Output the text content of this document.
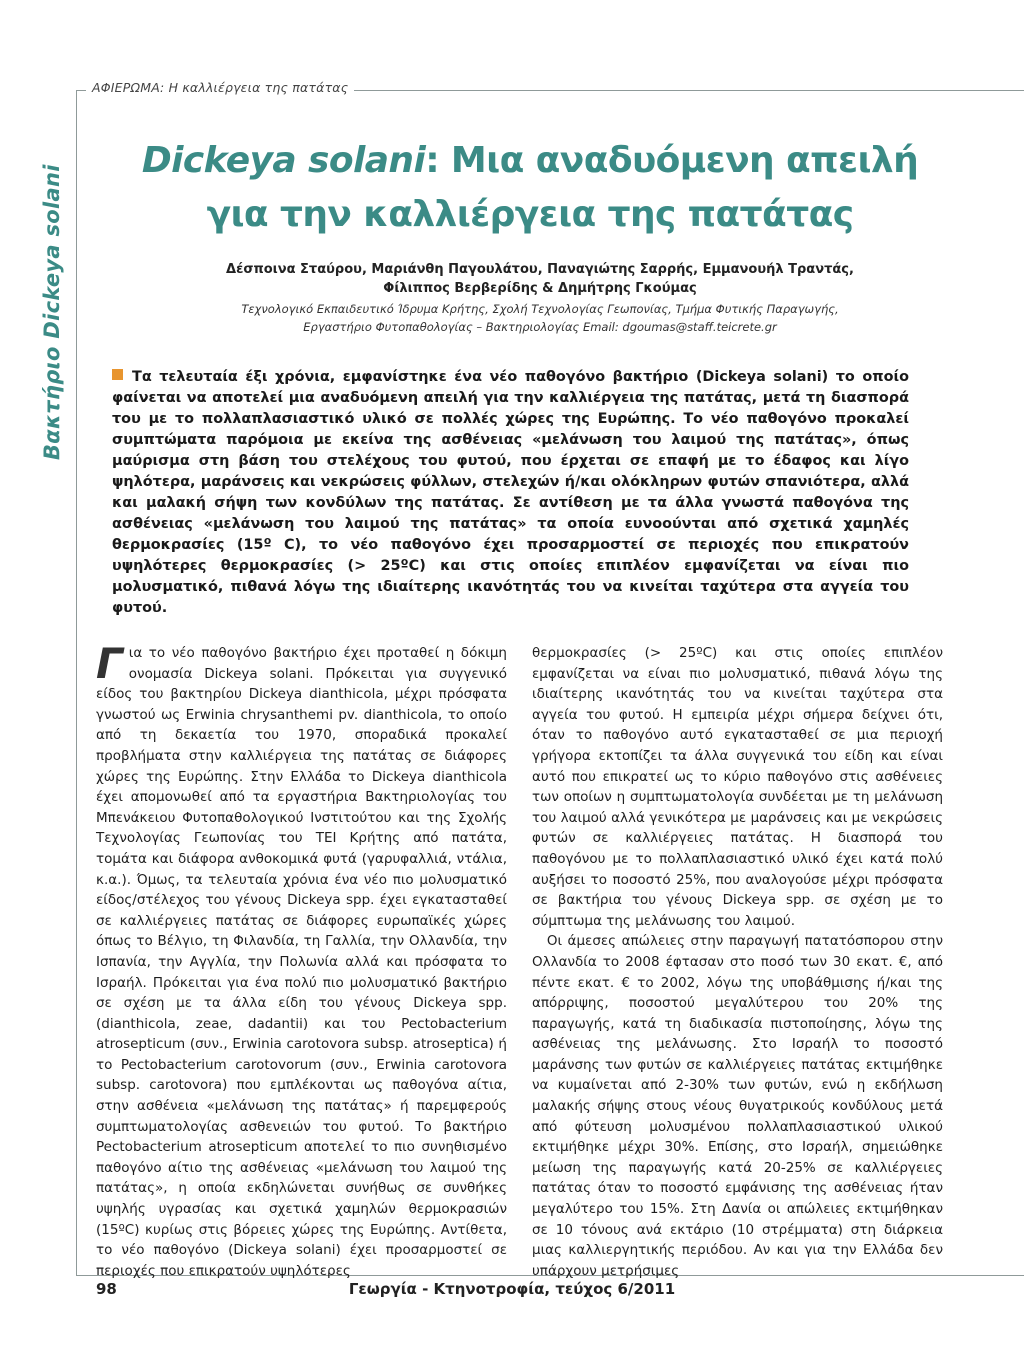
ΑΦΙΕΡΩΜΑ: Η καλλιέργεια της πατάτας
Βακτήριο Dickeya solani
Dickeya solani: Μια αναδυόμενη απειλή
για την καλλιέργεια της πατάτας
Δέσποινα Σταύρου, Μαριάνθη Παγουλάτου, Παναγιώτης Σαρρής, Εμμανουήλ Τραντάς,
Φίλιππος Βερβερίδης & Δημήτρης Γκούμας
Τεχνολογικό Εκπαιδευτικό Ίδρυμα Κρήτης, Σχολή Τεχνολογίας Γεωπονίας, Τμήμα Φυτικής Παραγωγής,
Εργαστήριο Φυτοπαθολογίας – Βακτηριολογίας Email: dgoumas@staff.teicrete.gr

Τα τελευταία έξι χρόνια, εμφανίστηκε ένα νέο παθογόνο βακτήριο (Dickeya solani) το οποίο φαίνεται να αποτελεί μια αναδυόμενη απειλή για την καλλιέργεια της πατάτας, μετά τη διασπορά του με το πολλαπλασιαστικό υλικό σε πολλές χώρες της Ευρώπης. Το νέο παθογόνο προκαλεί συμπτώματα παρόμοια με εκείνα της ασθένειας «μελάνωση του λαιμού της πατάτας», όπως μαύρισμα στη βάση του στελέχους του φυτού, που έρχεται σε επαφή με το έδαφος και λίγο ψηλότερα, μαράνσεις και νεκρώσεις φύλλων, στελεχών ή/και ολόκληρων φυτών σπανιότερα, αλλά και μαλακή σήψη των κονδύλων της πατάτας. Σε αντίθεση με τα άλλα γνωστά παθογόνα της ασθένειας «μελάνωση του λαιμού της πατάτας» τα οποία ευνοούνται από σχετικά χαμηλές θερμοκρασίες (15º C), το νέο παθογόνο έχει προσαρμοστεί σε περιοχές που επικρατούν υψηλότερες θερμοκρασίες (> 25ºC) και στις οποίες επιπλέον εμφανίζεται να είναι πιο μολυσματικό, πιθανά λόγω της ιδιαίτερης ικανότητάς του να κινείται ταχύτερα στα αγγεία του φυτού.

Για το νέο παθογόνο βακτήριο έχει προταθεί η δόκιμη ονομασία Dickeya solani. Πρόκειται για συγγενικό είδος του βακτηρίου Dickeya dianthicola, μέχρι πρόσφατα γνωστού ως Erwinia chrysanthemi pv. dianthicola, το οποίο από τη δεκαετία του 1970, σποραδικά προκαλεί προβλήματα στην καλλιέργεια της πατάτας σε διάφορες χώρες της Ευρώπης. Στην Ελλάδα το Dickeya dianthicola έχει απομονωθεί από τα εργαστήρια Βακτηριολογίας του Μπενάκειου Φυτοπαθολογικού Ινστιτούτου και της Σχολής Τεχνολογίας Γεωπονίας του ΤΕΙ Κρήτης από πατάτα, τομάτα και διάφορα ανθοκομικά φυτά (γαρυφαλλιά, ντάλια, κ.α.). Όμως, τα τελευταία χρόνια ένα νέο πιο μολυσματικό είδος/στέλεχος του γένους Dickeya spp. έχει εγκατασταθεί σε καλλιέργειες πατάτας σε διάφορες ευρωπαϊκές χώρες όπως το Βέλγιο, τη Φιλανδία, τη Γαλλία, την Ολλανδία, την Ισπανία, την Αγγλία, την Πολωνία αλλά και πρόσφατα το Ισραήλ. Πρόκειται για ένα πολύ πιο μολυσματικό βακτήριο σε σχέση με τα άλλα είδη του γένους Dickeya spp. (dianthicola, zeae, dadantii) και του Pectobacterium atrosepticum (συν., Erwinia carotovora subsp. atroseptica) ή το Pectobacterium carotovorum (συν., Erwinia carotovora subsp. carotovora) που εμπλέκονται ως παθογόνα αίτια, στην ασθένεια «μελάνωση της πατάτας» ή παρεμφερούς συμπτωματολογίας ασθενειών του φυτού. Το βακτήριο Pectobacterium atrosepticum αποτελεί το πιο συνηθισμένο παθογόνο αίτιο της ασθένειας «μελάνωση του λαιμού της πατάτας», η οποία εκδηλώνεται συνήθως σε συνθήκες υψηλής υγρασίας και σχετικά χαμηλών θερμοκρασιών (15ºC) κυρίως στις βόρειες χώρες της Ευρώπης. Αντίθετα, το νέο παθογόνο (Dickeya solani) έχει προσαρμοστεί σε περιοχές που επικρατούν υψηλότερες

θερμοκρασίες (> 25ºC) και στις οποίες επιπλέον εμφανίζεται να είναι πιο μολυσματικό, πιθανά λόγω της ιδιαίτερης ικανότητάς του να κινείται ταχύτερα στα αγγεία του φυτού. Η εμπειρία μέχρι σήμερα δείχνει ότι, όταν το παθογόνο αυτό εγκατασταθεί σε μια περιοχή γρήγορα εκτοπίζει τα άλλα συγγενικά του είδη και είναι αυτό που επικρατεί ως το κύριο παθογόνο στις ασθένειες των οποίων η συμπτωματολογία συνδέεται με τη μελάνωση του λαιμού αλλά γενικότερα με μαράνσεις και με νεκρώσεις φυτών σε καλλιέργειες πατάτας. Η διασπορά του παθογόνου με το πολλαπλασιαστικό υλικό έχει κατά πολύ αυξήσει το ποσοστό 25%, που αναλογούσε μέχρι πρόσφατα σε βακτήρια του γένους Dickeya spp. σε σχέση με το σύμπτωμα της μελάνωσης του λαιμού.

Οι άμεσες απώλειες στην παραγωγή πατατόσπορου στην Ολλανδία το 2008 έφτασαν στο ποσό των 30 εκατ. €, από πέντε εκατ. € το 2002, λόγω της υποβάθμισης ή/και της απόρριψης, ποσοστού μεγαλύτερου του 20% της παραγωγής, κατά τη διαδικασία πιστοποίησης, λόγω της ασθένειας της μελάνωσης. Στο Ισραήλ το ποσοστό μαράνσης των φυτών σε καλλιέργειες πατάτας εκτιμήθηκε να κυμαίνεται από 2-30% των φυτών, ενώ η εκδήλωση μαλακής σήψης στους νέους θυγατρικούς κονδύλους μετά από φύτευση μολυσμένου πολλαπλασιαστικού υλικού εκτιμήθηκε μέχρι 30%. Επίσης, στο Ισραήλ, σημειώθηκε μείωση της παραγωγής κατά 20-25% σε καλλιέργειες πατάτας όταν το ποσοστό εμφάνισης της ασθένειας ήταν μεγαλύτερο του 15%. Στη Δανία οι απώλειες εκτιμήθηκαν σε 10 τόνους ανά εκτάριο (10 στρέμματα) στη διάρκεια μιας καλλιεργητικής περιόδου. Αν και για την Ελλάδα δεν υπάρχουν μετρήσιμες

98	Γεωργία - Κτηνοτροφία, τεύχος 6/2011
